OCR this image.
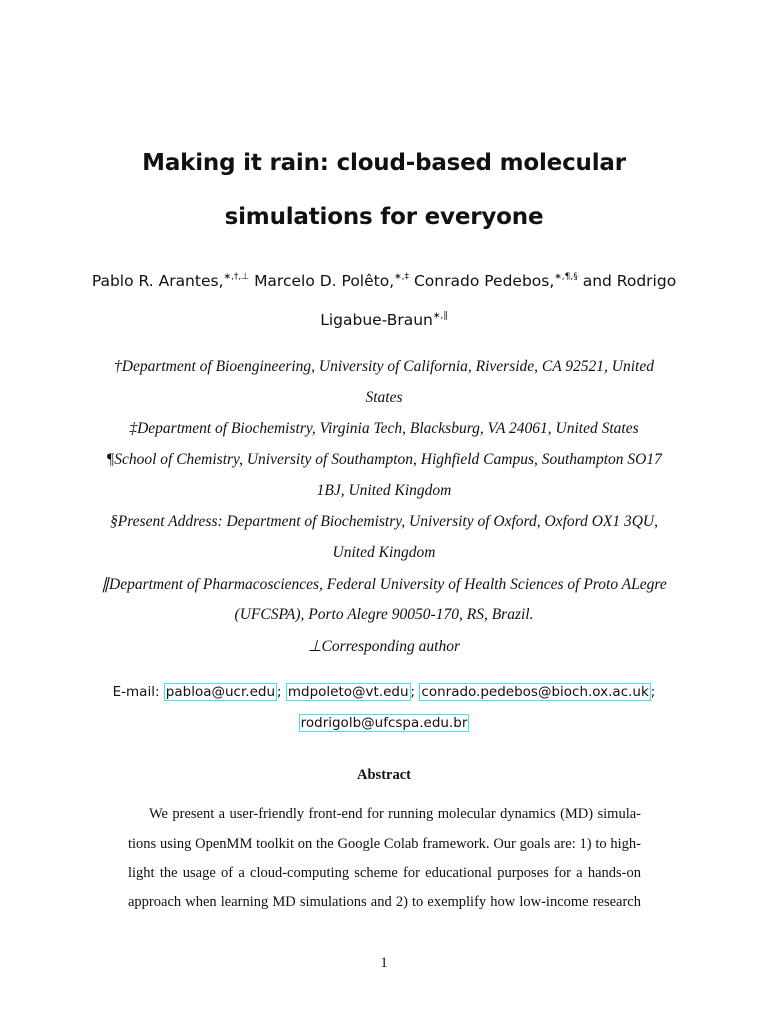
Making it rain: cloud-based molecular
simulations for everyone
Pablo R. Arantes,∗,†,⊥ Marcelo D. Polêto,∗,‡ Conrado Pedebos,∗,¶,§ and Rodrigo
Ligabue-Braun∗,∥
†Department of Bioengineering, University of California, Riverside, CA 92521, United
States
‡Department of Biochemistry, Virginia Tech, Blacksburg, VA 24061, United States
¶School of Chemistry, University of Southampton, Highfield Campus, Southampton SO17
1BJ, United Kingdom
§Present Address: Department of Biochemistry, University of Oxford, Oxford OX1 3QU,
United Kingdom
∥Department of Pharmacosciences, Federal University of Health Sciences of Proto ALegre
(UFCSPA), Porto Alegre 90050-170, RS, Brazil.
⊥Corresponding author
E-mail: pabloa@ucr.edu ; mdpoleto@vt.edu ; conrado.pedebos@bioch.ox.ac.uk ;
rodrigolb@ufcspa.edu.br
Abstract
We present a user-friendly front-end for running molecular dynamics (MD) simula-
tions using OpenMM toolkit on the Google Colab framework. Our goals are: 1) to high-
light the usage of a cloud-computing scheme for educational purposes for a hands-on
approach when learning MD simulations and 2) to exemplify how low-income research
1
